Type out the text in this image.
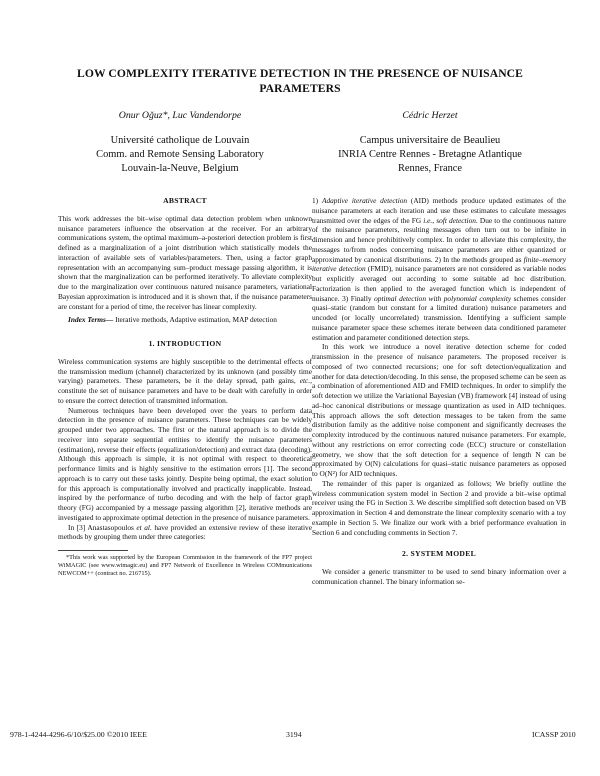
LOW COMPLEXITY ITERATIVE DETECTION IN THE PRESENCE OF NUISANCE PARAMETERS
Onur Oğuz*, Luc Vandendorpe	Cédric Herzet
Université catholique de Louvain
Comm. and Remote Sensing Laboratory
Louvain-la-Neuve, Belgium
Campus universitaire de Beaulieu
INRIA Centre Rennes - Bretagne Atlantique
Rennes, France
ABSTRACT

This work addresses the bit–wise optimal data detection problem when unknown nuisance parameters influence the observation at the receiver. For an arbitrary communications system, the optimal maximum–a-posteriori detection problem is first defined as a marginalization of a joint distribution which statistically models the interaction of available sets of variables/parameters. Then, using a factor graph representation with an accompanying sum–product message passing algorithm, it is shown that the marginalization can be performed iteratively. To alleviate complexity due to the marginalization over continuous natured nuisance parameters, variational Bayesian approximation is introduced and it is shown that, if the nuisance parameters are constant for a period of time, the receiver has linear complexity.

Index Terms— Iterative methods, Adaptive estimation, MAP detection

1. INTRODUCTION

Wireless communication systems are highly susceptible to the detrimental effects of the transmission medium (channel) characterized by its unknown (and possibly time varying) parameters. These parameters, be it the delay spread, path gains, etc., constitute the set of nuisance parameters and have to be dealt with carefully in order to ensure the correct detection of transmitted information.

Numerous techniques have been developed over the years to perform data detection in the presence of nuisance parameters. These techniques can be widely grouped under two approaches. The first or the natural approach is to divide the receiver into separate sequential entities to identify the nuisance parameters (estimation), reverse their effects (equalization/detection) and extract data (decoding). Although this approach is simple, it is not optimal with respect to theoretical performance limits and is highly sensitive to the estimation errors [1]. The second approach is to carry out these tasks jointly. Despite being optimal, the exact solution for this approach is computationally involved and practically inapplicable. Instead, inspired by the performance of turbo decoding and with the help of factor graph theory (FG) accompanied by a message passing algorithm [2], iterative methods are investigated to approximate optimal detection in the presence of nuisance parameters.

In [3] Anastasopoulos et al. have provided an extensive review of these iterative methods by grouping them under three categories:

*This work was supported by the European Commission in the framework of the FP7 project WiMAGIC (see www.wimagic.eu) and FP7 Network of Excellence in Wireless COMmunications NEWCOM++ (contract no. 216715).

1) Adaptive iterative detection (AID) methods produce updated estimates of the nuisance parameters at each iteration and use these estimates to calculate messages transmitted over the edges of the FG i.e., soft detection. Due to the continuous nature of the nuisance parameters, resulting messages often turn out to be infinite in dimension and hence prohibitively complex. In order to alleviate this complexity, the messages to/from nodes concerning nuisance parameters are either quantized or approximated by canonical distributions. 2) In the methods grouped as finite–memory iterative detection (FMID), nuisance parameters are not considered as variable nodes but explicitly averaged out according to some suitable ad hoc distribution. Factorization is then applied to the averaged function which is independent of nuisance. 3) Finally optimal detection with polynomial complexity schemes consider quasi–static (random but constant for a limited duration) nuisance parameters and uncoded (or locally uncorrelated) transmission. Identifying a sufficient sample nuisance parameter space these schemes iterate between data conditioned parameter estimation and parameter conditioned detection steps.

In this work we introduce a novel iterative detection scheme for coded transmission in the presence of nuisance parameters. The proposed receiver is composed of two connected recursions; one for soft detection/equalization and another for data detection/decoding. In this sense, the proposed scheme can be seen as a combination of aforementioned AID and FMID techniques. In order to simplify the soft detection we utilize the Variational Bayesian (VB) framework [4] instead of using ad–hoc canonical distributions or message quantization as used in AID techniques. This approach allows the soft detection messages to be taken from the same distribution family as the additive noise component and significantly decreases the complexity introduced by the continuous natured nuisance parameters. For example, without any restrictions on error correcting code (ECC) structure or constellation geometry, we show that the soft detection for a sequence of length N can be approximated by O(N) calculations for quasi–static nuisance parameters as opposed to O(N²) for AID techniques.

The remainder of this paper is organized as follows; We briefly outline the wireless communication system model in Section 2 and provide a bit–wise optimal receiver using the FG in Section 3. We describe simplified soft detection based on VB approximation in Section 4 and demonstrate the linear complexity scenario with a toy example in Section 5. We finalize our work with a brief performance evaluation in Section 6 and concluding comments in Section 7.

2. SYSTEM MODEL

We consider a generic transmitter to be used to send binary information over a communication channel. The binary information se-

978-1-4244-4296-6/10/$25.00 ©2010 IEEE	3194	ICASSP 2010
